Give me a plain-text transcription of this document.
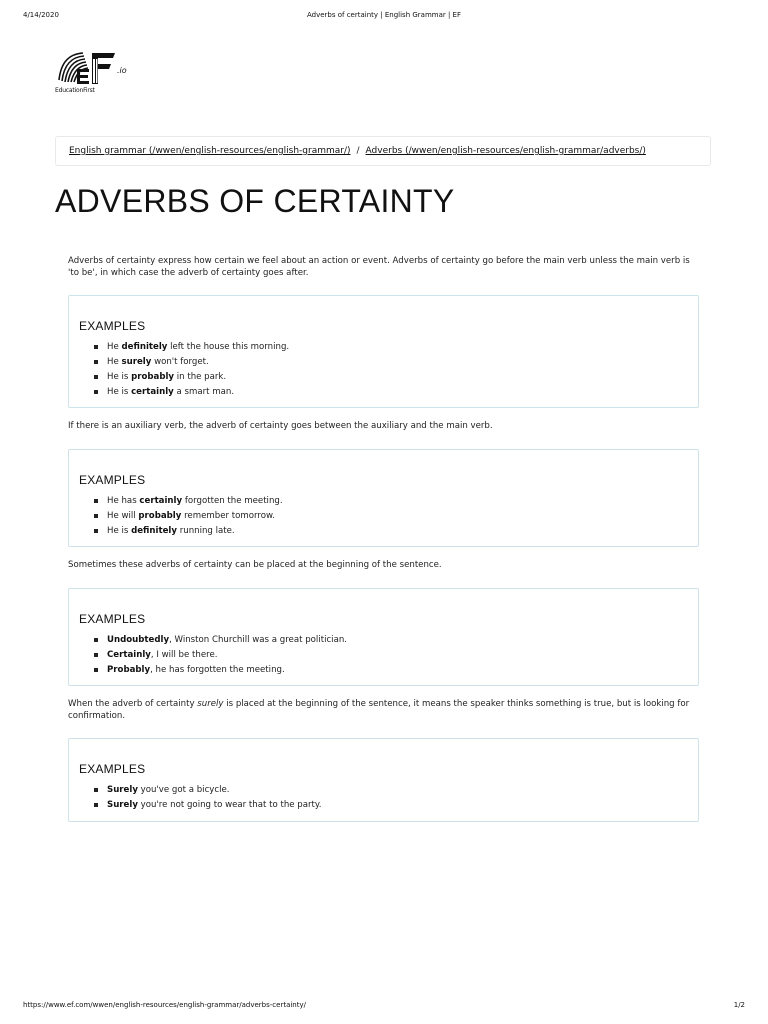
4/14/2020	Adverbs of certainty | English Grammar | EF
.io
EducationFirst
English grammar (/wwen/english-resources/english-grammar/) / Adverbs (/wwen/english-resources/english-grammar/adverbs/)
ADVERBS OF CERTAINTY

Adverbs of certainty express how certain we feel about an action or event. Adverbs of certainty go before the main verb unless the main verb is 'to be', in which case the adverb of certainty goes after.

EXAMPLES
He definitely left the house this morning.
He surely won't forget.
He is probably in the park.
He is certainly a smart man.

If there is an auxiliary verb, the adverb of certainty goes between the auxiliary and the main verb.

EXAMPLES
He has certainly forgotten the meeting.
He will probably remember tomorrow.
He is definitely running late.

Sometimes these adverbs of certainty can be placed at the beginning of the sentence.

EXAMPLES
Undoubtedly, Winston Churchill was a great politician.
Certainly, I will be there.
Probably, he has forgotten the meeting.

When the adverb of certainty surely is placed at the beginning of the sentence, it means the speaker thinks something is true, but is looking for confirmation.

EXAMPLES
Surely you've got a bicycle.
Surely you're not going to wear that to the party.
https://www.ef.com/wwen/english-resources/english-grammar/adverbs-certainty/	1/2
